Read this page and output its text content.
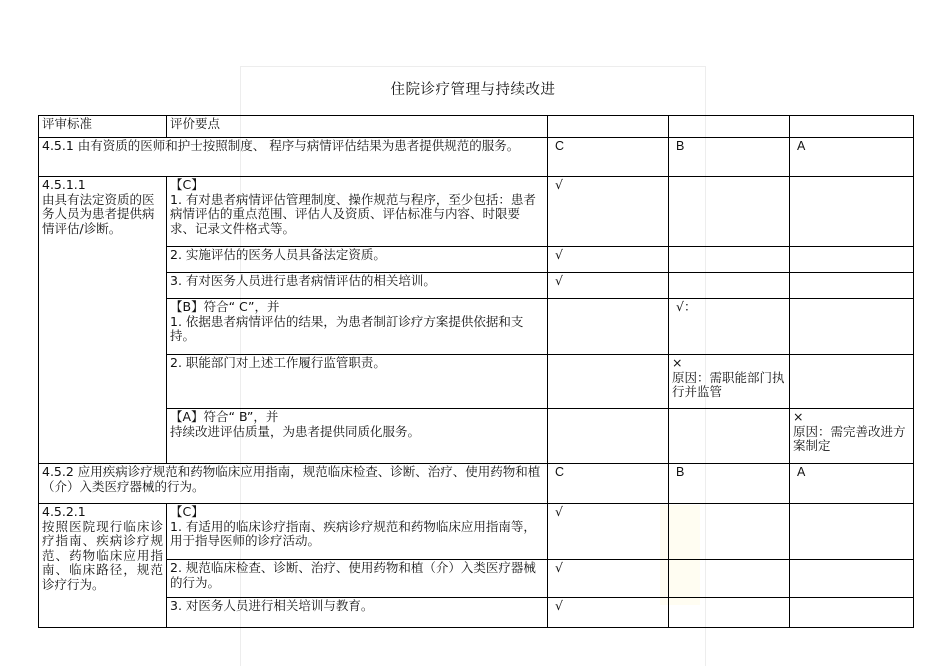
住院诊疗管理与持续改进
评审标准	评价要点			
4.5.1 由有资质的医师和护士按照制度、 程序与病情评估结果为患者提供规范的服务。		C	B	A

4.5.1.1
由具有法定资质的医务人员为患者提供病情评估/诊断。	【C】
1. 有对患者病情评估管理制度、操作规范与程序，至少包括：患者病情评估的重点范围、评估人及资质、评估标准与内容、时限要求、记录文件格式等。	√		
	2. 实施评估的医务人员具备法定资质。	√		
	3. 有对医务人员进行患者病情评估的相关培训。	√		

	【B】符合“ C”，并
1. 依据患者病情评估的结果，为患者制訂诊疗方案提供依据和支持。		√：	
	2. 职能部门对上述工作履行监管职责。		×
原因：需职能部门执行并监管	

	【A】符合“ B”，并
持续改进评估质量，为患者提供同质化服务。			×
原因：需完善改进方案制定

4.5.2 应用疾病诊疗规范和药物临床应用指南，规范临床检查、诊断、治疗、使用药物和植（介）入类医疗器械的行为。		C	B	A

4.5.2.1
按照医院现行临床诊疗指南、疾病诊疗规范、药物临床应用指南、临床路径，规范诊疗行为。	【C】
1. 有适用的临床诊疗指南、疾病诊疗规范和药物临床应用指南等，用于指导医师的诊疗活动。	√		
	2. 规范临床检查、诊断、治疗、使用药物和植（介）入类医疗器械的行为。	√		
	3. 对医务人员进行相关培训与教育。	√		
